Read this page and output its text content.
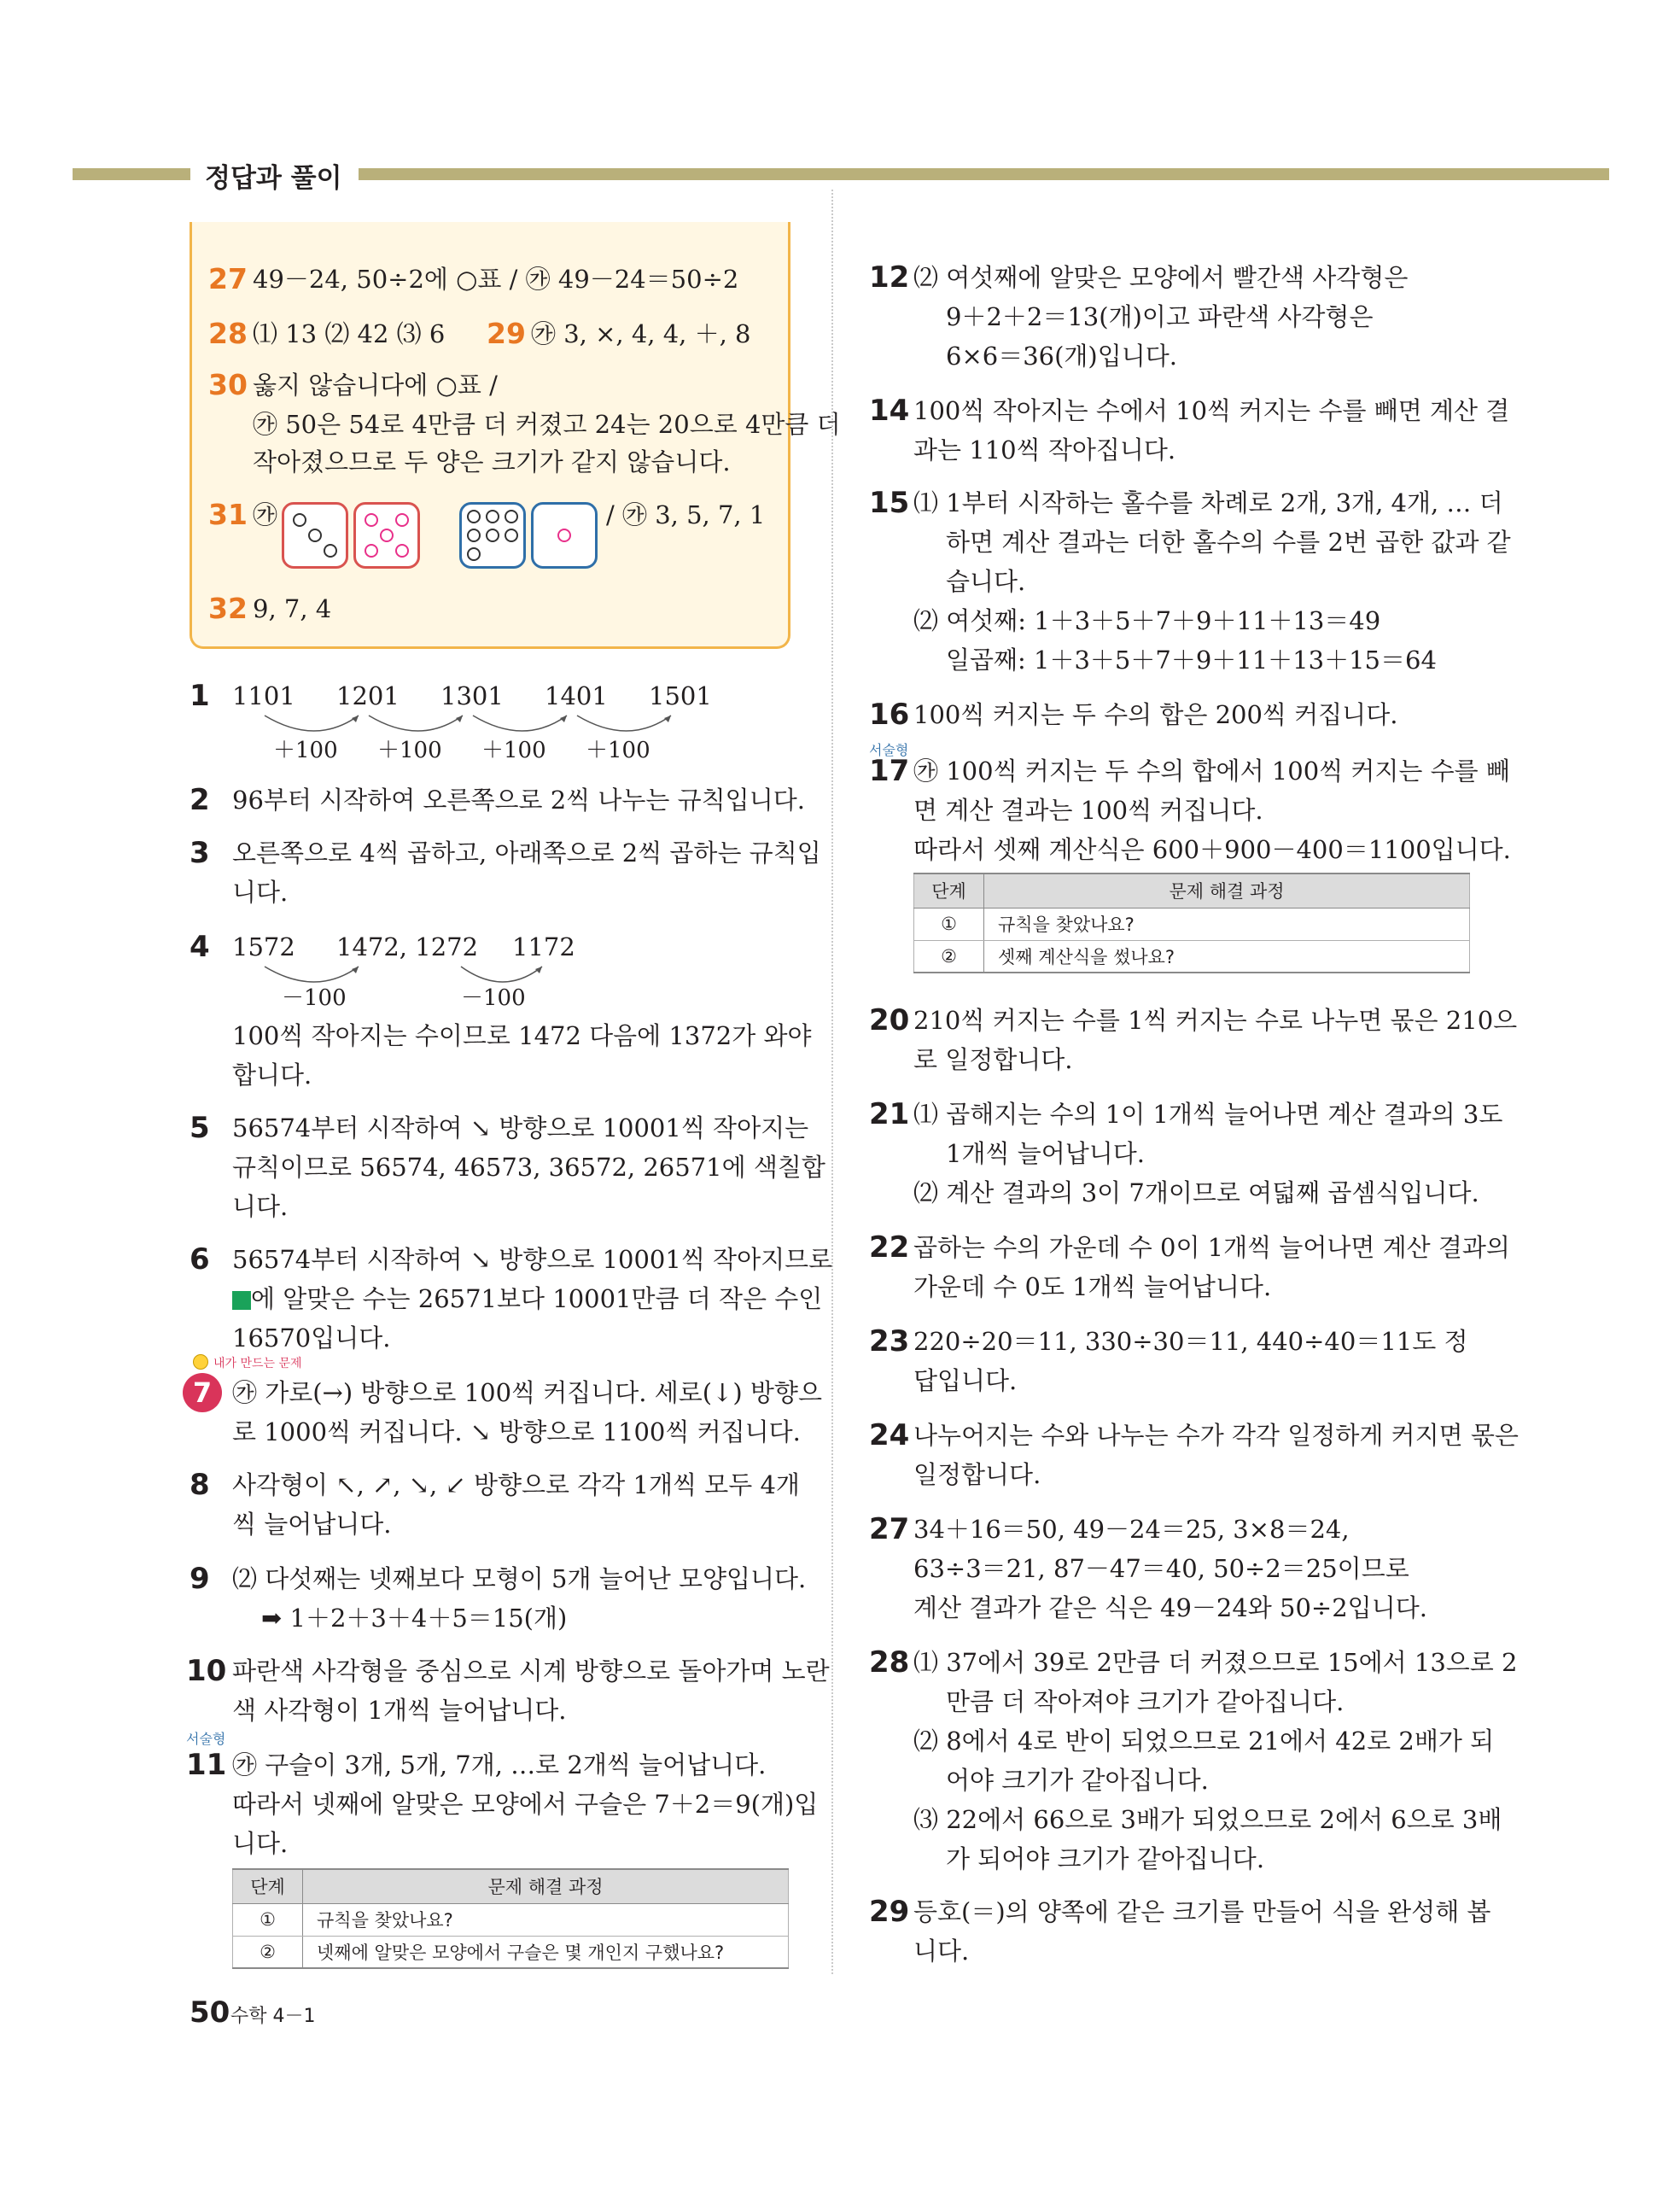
정답과 풀이
27 49－24, 50÷2에 ○표 / ㉮ 49－24＝50÷2
28 ⑴ 13 ⑵ 42 ⑶ 6 29 ㉮ 3, ×, 4, 4, ＋, 8
30 옳지 않습니다에 ○표 /
㉮ 50은 54로 4만큼 더 커졌고 24는 20으로 4만큼 더
작아졌으므로 두 양은 크기가 같지 않습니다.
31 ㉮	/ ㉮ 3, 5, 7, 1
32 9, 7, 4
1 1101 1201 1301 1401 1501
＋100 ＋100 ＋100 ＋100
2 96부터 시작하여 오른쪽으로 2씩 나누는 규칙입니다.
3 오른쪽으로 4씩 곱하고, 아래쪽으로 2씩 곱하는 규칙입
니다.
4 1572 1472, 1272 1172
－100	－100
100씩 작아지는 수이므로 1472 다음에 1372가 와야
합니다.
5 56574부터 시작하여 ↘ 방향으로 10001씩 작아지는
규칙이므로 56574, 46573, 36572, 26571에 색칠합
니다.
6 56574부터 시작하여 ↘ 방향으로 10001씩 작아지므로
에 알맞은 수는 26571보다 10001만큼 더 작은 수인
16570입니다.
내가 만드는 문제
7 ㉮ 가로(→) 방향으로 100씩 커집니다. 세로(↓) 방향으
로 1000씩 커집니다. ↘ 방향으로 1100씩 커집니다.
8 사각형이 ↖, ↗, ↘, ↙ 방향으로 각각 1개씩 모두 4개
씩 늘어납니다.
9 ⑵ 다섯째는 넷째보다 모형이 5개 늘어난 모양입니다.
➡ 1＋2＋3＋4＋5＝15(개)
10 파란색 사각형을 중심으로 시계 방향으로 돌아가며 노란
색 사각형이 1개씩 늘어납니다.
서술형
11 ㉮ 구슬이 3개, 5개, 7개, …로 2개씩 늘어납니다.
따라서 넷째에 알맞은 모양에서 구슬은 7＋2＝9(개)입
니다.
단계	문제 해결 과정
①	규칙을 찾았나요?
②	넷째에 알맞은 모양에서 구슬은 몇 개인지 구했나요?
12 ⑵ 여섯째에 알맞은 모양에서 빨간색 사각형은
9＋2＋2＝13(개)이고 파란색 사각형은
6×6＝36(개)입니다.
14 100씩 작아지는 수에서 10씩 커지는 수를 빼면 계산 결
과는 110씩 작아집니다.
15 ⑴ 1부터 시작하는 홀수를 차례로 2개, 3개, 4개, … 더
하면 계산 결과는 더한 홀수의 수를 2번 곱한 값과 같
습니다.
⑵ 여섯째: 1＋3＋5＋7＋9＋11＋13＝49
일곱째: 1＋3＋5＋7＋9＋11＋13＋15＝64
16 100씩 커지는 두 수의 합은 200씩 커집니다.
서술형
17 ㉮ 100씩 커지는 두 수의 합에서 100씩 커지는 수를 빼
면 계산 결과는 100씩 커집니다.
따라서 셋째 계산식은 600＋900－400＝1100입니다.
단계	문제 해결 과정
①	규칙을 찾았나요?
②	셋째 계산식을 썼나요?
20 210씩 커지는 수를 1씩 커지는 수로 나누면 몫은 210으
로 일정합니다.
21 ⑴ 곱해지는 수의 1이 1개씩 늘어나면 계산 결과의 3도
1개씩 늘어납니다.
⑵ 계산 결과의 3이 7개이므로 여덟째 곱셈식입니다.
22 곱하는 수의 가운데 수 0이 1개씩 늘어나면 계산 결과의
가운데 수 0도 1개씩 늘어납니다.
23 220÷20＝11, 330÷30＝11, 440÷40＝11도 정
답입니다.
24 나누어지는 수와 나누는 수가 각각 일정하게 커지면 몫은
일정합니다.
27 34＋16＝50, 49－24＝25, 3×8＝24,
63÷3＝21, 87－47＝40, 50÷2＝25이므로
계산 결과가 같은 식은 49－24와 50÷2입니다.
28 ⑴ 37에서 39로 2만큼 더 커졌으므로 15에서 13으로 2
만큼 더 작아져야 크기가 같아집니다.
⑵ 8에서 4로 반이 되었으므로 21에서 42로 2배가 되
어야 크기가 같아집니다.
⑶ 22에서 66으로 3배가 되었으므로 2에서 6으로 3배
가 되어야 크기가 같아집니다.
29 등호(＝)의 양쪽에 같은 크기를 만들어 식을 완성해 봅
니다.
50 수학 4－1
